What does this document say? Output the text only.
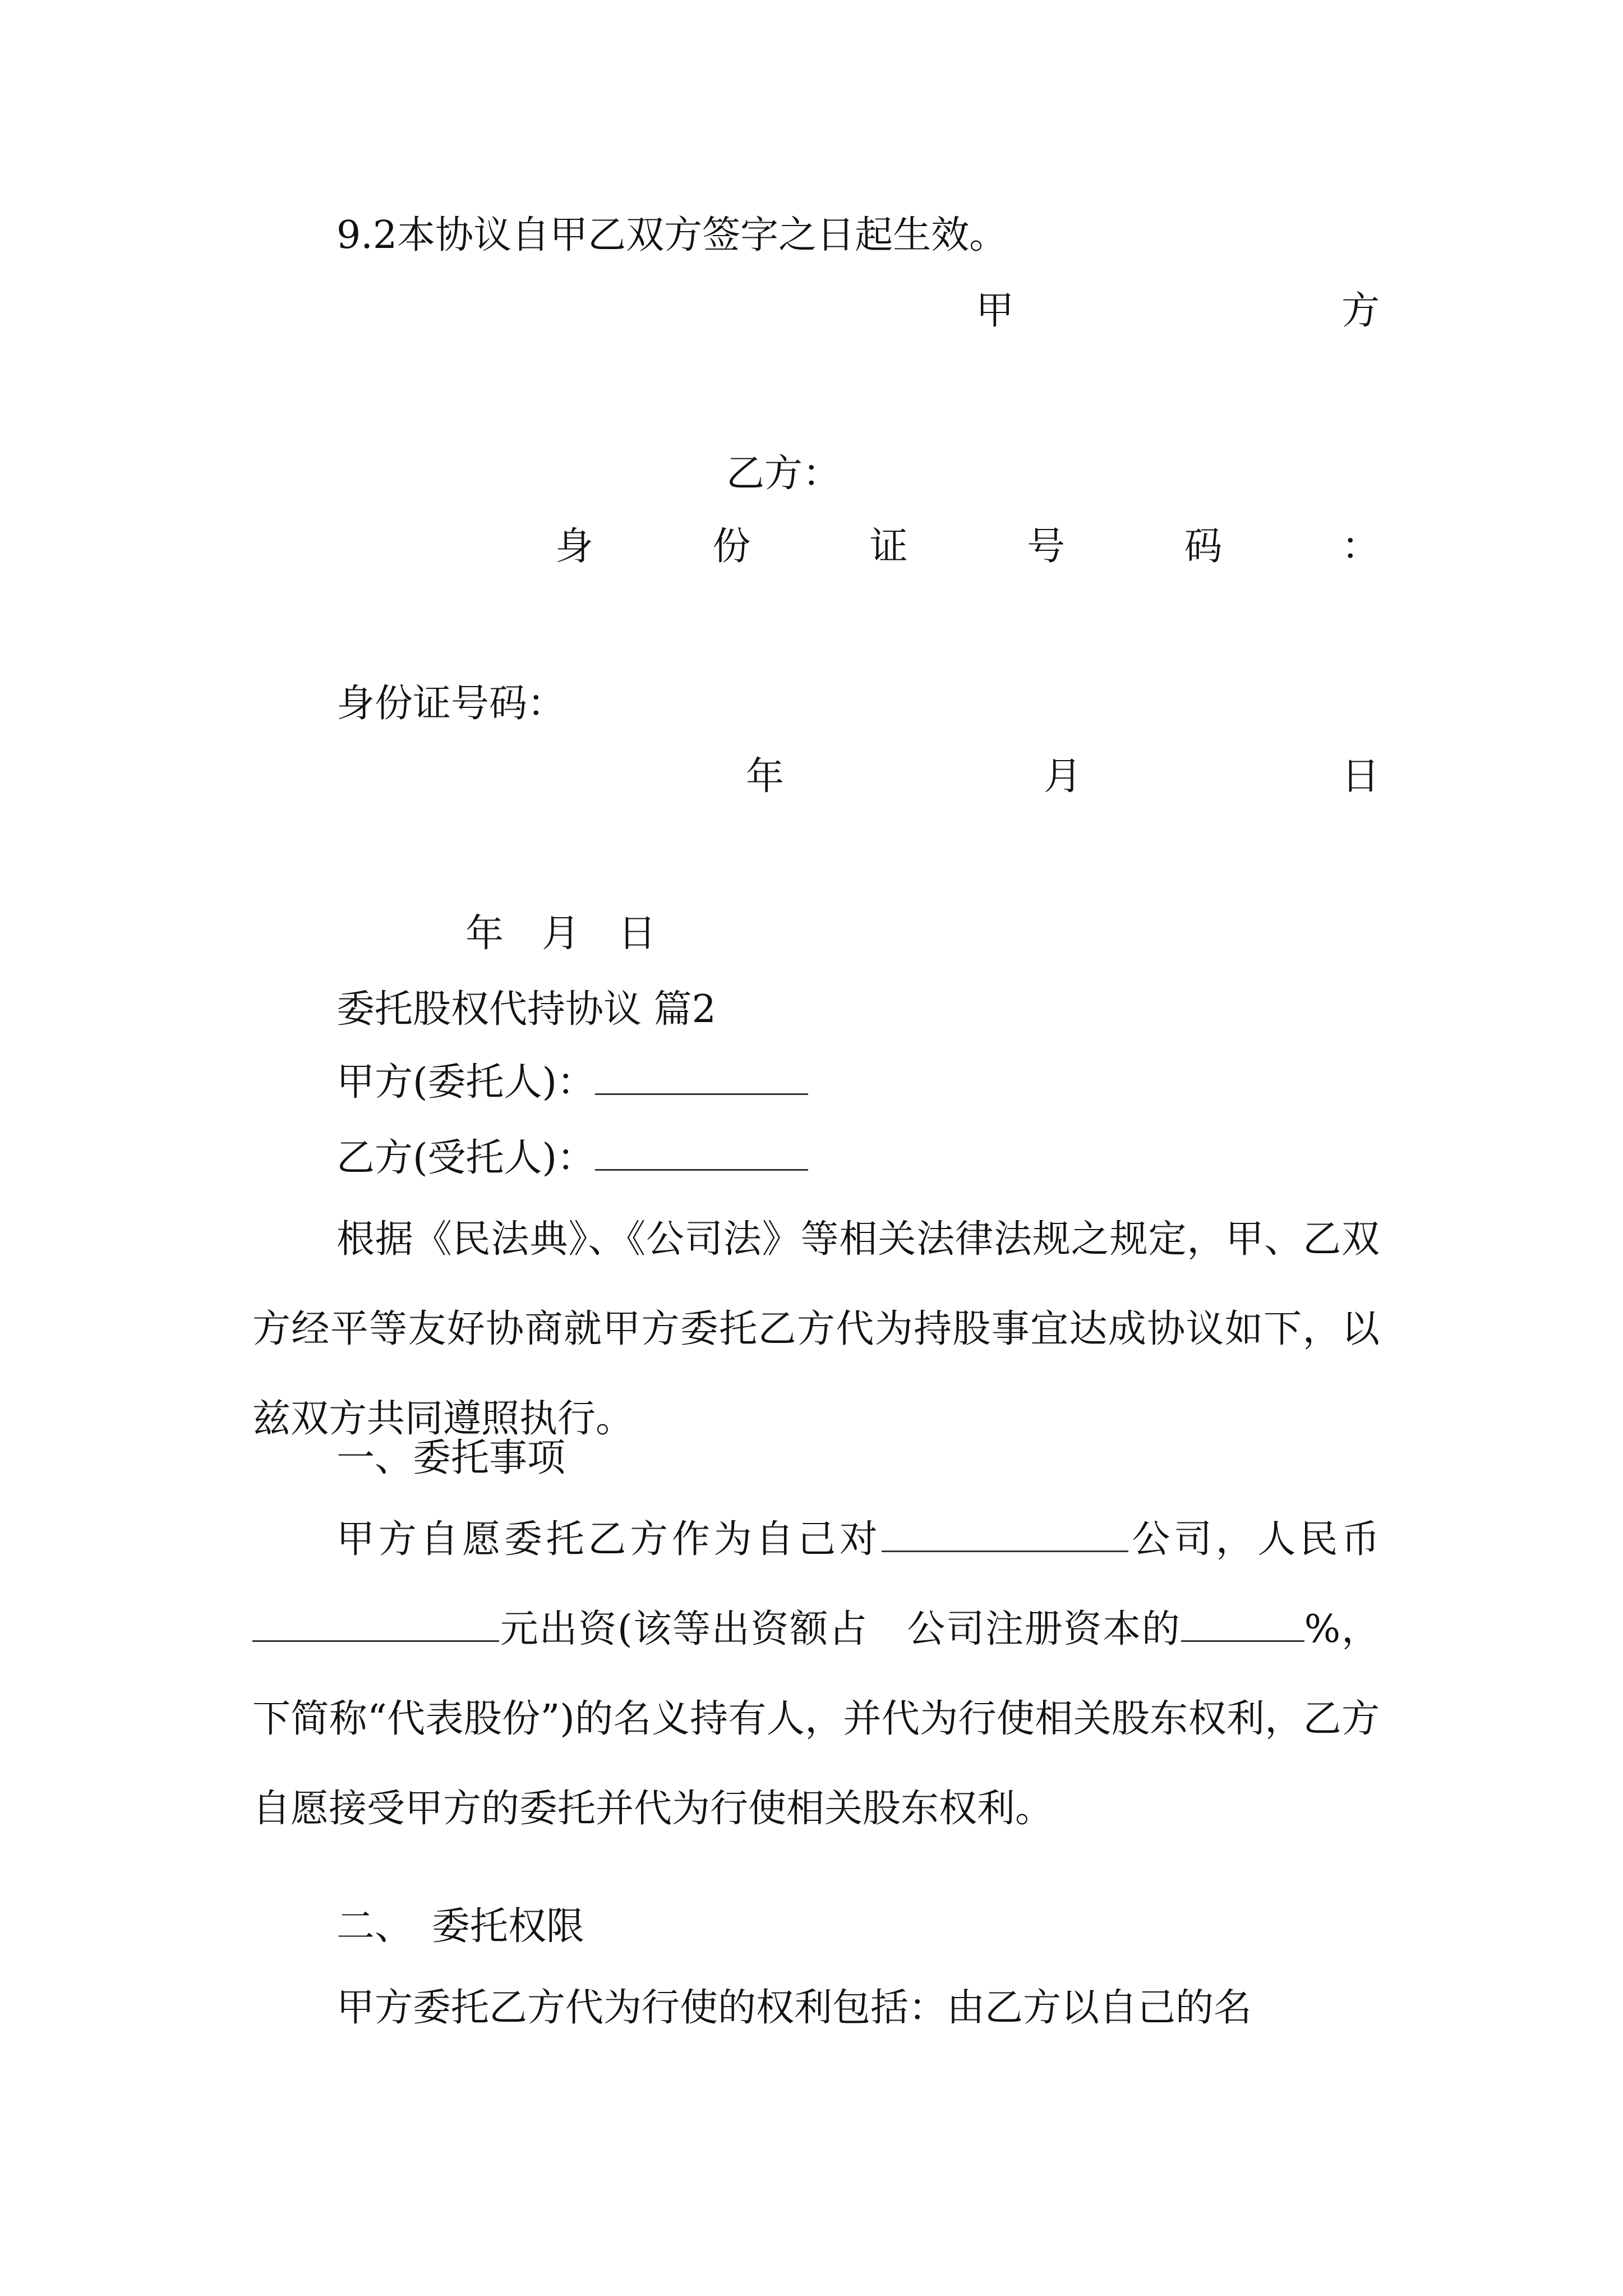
9.2本协议自甲乙双方签字之日起生效。
甲	方
乙方：
身	份	证	号	码	：
身份证号码：
年	月	日
年　月　日
委托股权代持协议 篇2
甲方(委托人)：
乙方(受托人)：
根据《民法典》、《公司法》等相关法律法规之规定，甲、乙双方经平等友好协商就甲方委托乙方代为持股事宜达成协议如下，以兹双方共同遵照执行。
一、委托事项
甲方自愿委托乙方作为自己对	公司，人民币元出资(该等出资额占　公司注册资本的	%，下简称“代表股份”)的名义持有人，并代为行使相关股东权利，乙方自愿接受甲方的委托并代为行使相关股东权利。
二、　委托权限
甲方委托乙方代为行使的权利包括：由乙方以自己的名
